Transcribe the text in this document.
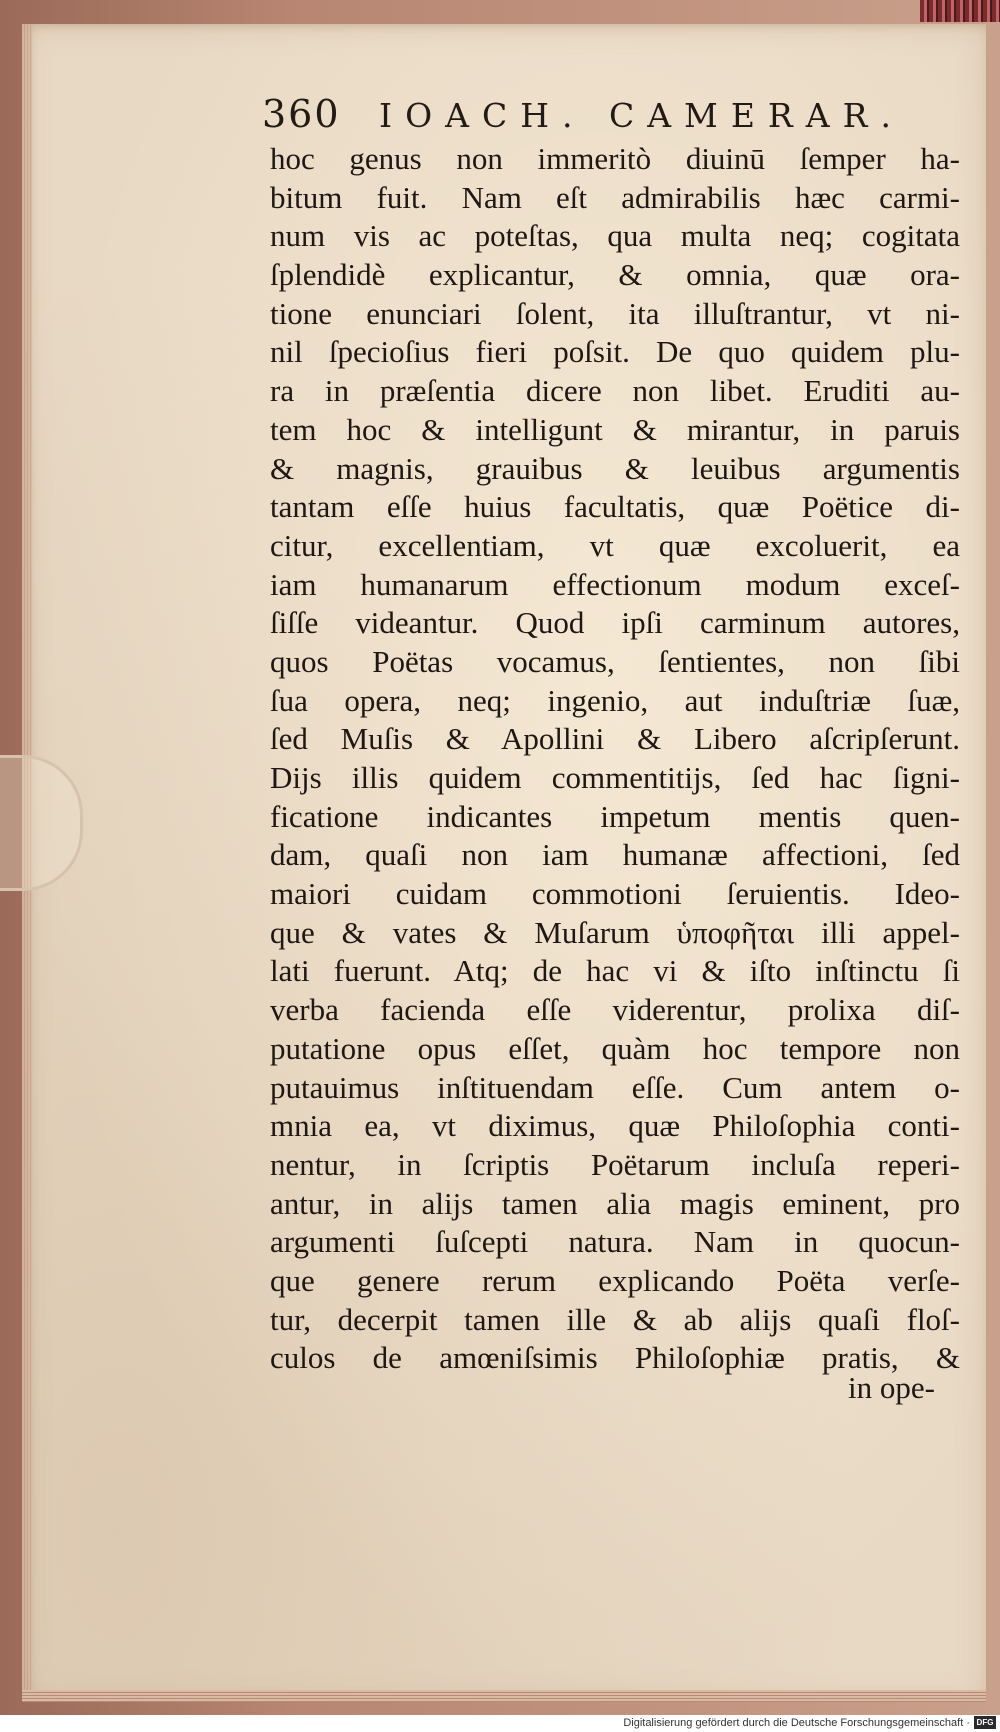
360 IOACH. CAMERAR.
hoc genus non immeritò diuinū ſemper ha-
bitum fuit. Nam eſt admirabilis hæc carmi-
num vis ac poteſtas, qua multa neq; cogitata
ſplendidè explicantur, & omnia, quæ ora-
tione enunciari ſolent, ita illuſtrantur, vt ni-
nil ſpecioſius fieri poſsit. De quo quidem plu-
ra in præſentia dicere non libet. Eruditi au-
tem hoc & intelligunt & mirantur, in paruis
& magnis, grauibus & leuibus argumentis
tantam eſſe huius facultatis, quæ Poëtice di-
citur, excellentiam, vt quæ excoluerit, ea
iam humanarum effectionum modum exceſ-
ſiſſe videantur. Quod ipſi carminum autores,
quos Poëtas vocamus, ſentientes, non ſibi
ſua opera, neq; ingenio, aut induſtriæ ſuæ,
ſed Muſis & Apollini & Libero aſcripſerunt.
Dijs illis quidem commentitijs, ſed hac ſigni-
ficatione indicantes impetum mentis quen-
dam, quaſi non iam humanæ affectioni, ſed
maiori cuidam commotioni ſeruientis. Ideo-
que & vates & Muſarum ὑποφῆται illi appel-
lati fuerunt. Atq; de hac vi & iſto inſtinctu ſi
verba facienda eſſe viderentur, prolixa diſ-
putatione opus eſſet, quàm hoc tempore non
putauimus inſtituendam eſſe. Cum antem o-
mnia ea, vt diximus, quæ Philoſophia conti-
nentur, in ſcriptis Poëtarum incluſa reperi-
antur, in alijs tamen alia magis eminent, pro
argumenti ſuſcepti natura. Nam in quocun-
que genere rerum explicando Poëta verſe-
tur, decerpit tamen ille & ab alijs quaſi floſ-
culos de amœniſsimis Philoſophiæ pratis, &
in ope-
Digitalisierung gefördert durch die Deutsche Forschungsgemeinschaft · DFG
